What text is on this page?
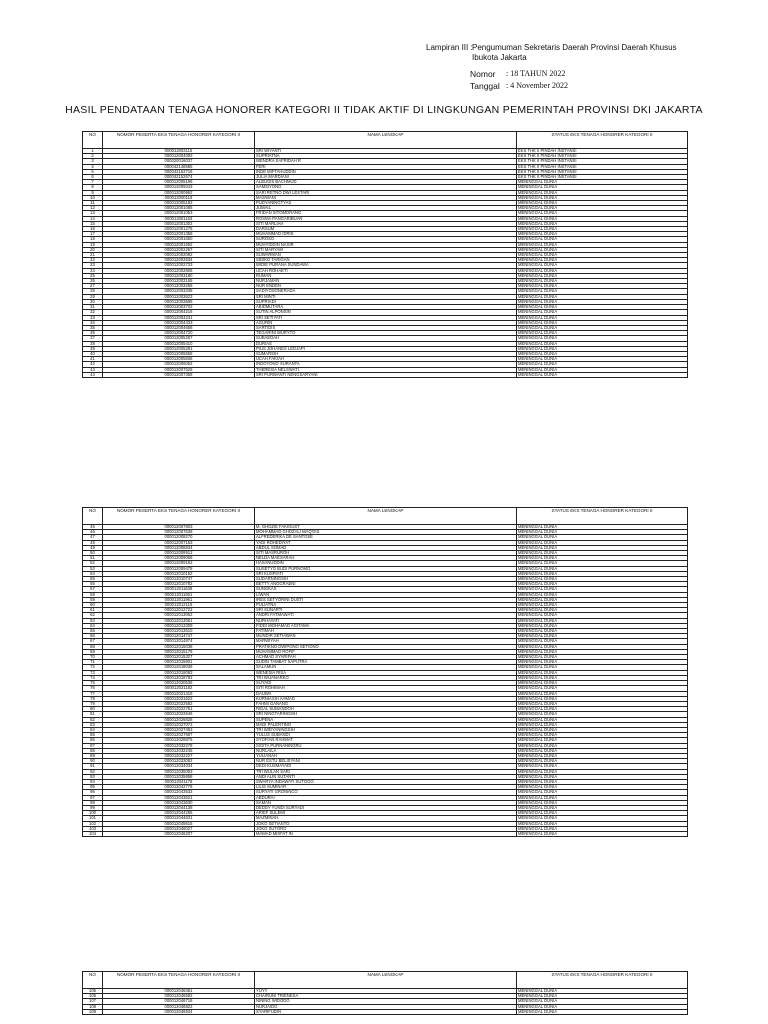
Lampiran III : Pengumuman Sekretaris Daerah Provinsi Daerah Khusus Ibukota Jakarta
Nomor : 18 TAHUN 2022
Tanggal : 4 November 2022
HASIL PENDATAAN TENAGA HONORER KATEGORI II TIDAK AKTIF DI LINGKUNGAN PEMERINTAH PROVINSI DKI JAKARTA
NO	NOMOR PESERTA EKS TENAGA HONORER KATEGORI II	NAMA LENGKAP	STATUS EKS TENAGA HONORER KATEGORI II
1	000012003115	SRI WIYANTI	EKS THK II PINDAH INSTANSI
2	000012004093	SUPRIATNA	EKS THK II PINDAH INSTANSI
3	000020016037	WENDRA SAFRIDAH R	EKS THK II PINDAH INSTANSI
4	000042148585	FERI	EKS THK II PINDAH INSTANSI
5	000042152716	INDE MIFTAHUDDIN	EKS THK II PINDAH INSTANSI
6	000042152674	JULIA MARDIANI	EKS THK II PINDAH INSTANSI
7	000012005196	ALBUGIS BACHMUD	MENINGGAL DUNIA
8	000012005043	SAMSIYONO	MENINGGAL DUNIA
9	000012000962	SARI RETNO DWI LESTARI	MENINGGAL DUNIA
10	000012000116	MASWANI	MENINGGAL DUNIA
11	000012005182	PUDYANINGTYAS	MENINGGAL DUNIA
12	000012001085	JUMAIL	MENINGGAL DUNIA
13	000012001053	FRIDAN SITOMORANG	MENINGGAL DUNIA
14	000012001153	ROSMA PANGARIBUAN	MENINGGAL DUNIA
15	000012001302	SITI MARLIAH	MENINGGAL DUNIA
16	000012001278	DARSUM	MENINGGAL DUNIA
17	000012001358	MUHAMMAD IDRIS	MENINGGAL DUNIA
18	000012001650	SUROSO	MENINGGAL DUNIA
19	000012001592	MUHYIDDIN NASIR	MENINGGAL DUNIA
20	000012002267	SITI MARYAM	MENINGGAL DUNIA
21	000012002082	SUWARMAN	MENINGGAL DUNIA
22	000012002634	SIDIKO TARIGAN	MENINGGAL DUNIA
23	000012002733	WIDIE PURANA SUNDAWA	MENINGGAL DUNIA
24	000012002806	UCAH ROHAETI	MENINGGAL DUNIA
25	000012003180	RUMAN	MENINGGAL DUNIA
26	000012003165	NURJAMAN	MENINGGAL DUNIA
27	000012003256	NUR ENDEN	MENINGGAL DUNIA
28	000012003338	SADIYOSONERADA	MENINGGAL DUNIA
29	000012003623	SRI MINTI	MENINGGAL DUNIA
30	000012003685	SUPRIADI	MENINGGAL DUNIA
31	000012003702	ABIDMUTARA	MENINGGAL DUNIA
32	000012004216	SUTIN ALPONSIN	MENINGGAL DUNIA
33	000012004241	SRI SETIYATI	MENINGGAL DUNIA
34	000012004433	AGURIN	MENINGGAL DUNIA
35	000012004658	SARTIDIS	MENINGGAL DUNIA
36	000012004720	TEGARINI WURYTO	MENINGGAL DUNIA
37	000012005287	SUBAEDAH	MENINGGAL DUNIA
38	000012005410	DURIAS	MENINGGAL DUNIA
39	000012005291	PIUS JOHANES LEDJAPI	MENINGGAL DUNIA
40	000012005558	SUMARSIH	MENINGGAL DUNIA
41	000012005836	UCAH FAKIAH	MENINGGAL DUNIA
42	000012006052	INDOYONO SURANTA	MENINGGAL DUNIA
43	000012007526	THERESIA NELSWATI	MENINGGAL DUNIA
44	000012007358	SRI PURWANTI NENGSARYANI	MENINGGAL DUNIA
NO	NOMOR PESERTA EKS TENAGA HONORER KATEGORI II	NAMA LENGKAP	STATUS EKS TENAGA HONORER KATEGORI II
45	000012007803	M. GHOZIE FAKIGUST	MENINGGAL DUNIA
46	000012007536	MOHAMMAD GHOZALI MAQ'DIS	MENINGGAL DUNIA
47	000012008270	ALFREDERIKA DE SANTOSE	MENINGGAL DUNIA
48	000012007163	YADI ROHEDIYAT	MENINGGAL DUNIA
49	000012008834	ABDUL SOMAD	MENINGGAL DUNIA
50	000012008912	SITI MASRUROH	MENINGGAL DUNIA
51	000012009056	NELDA MAESARAH	MENINGGAL DUNIA
52	000012009162	HASANUDDIN	MENINGGAL DUNIA
53	000012009478	SUSETYO BUDI PURNOMO	MENINGGAL DUNIA
54	000012010152	SRI KUSPIATI	MENINGGAL DUNIA
55	000012010747	SUDARNINGSIH	MENINGGAL DUNIA
56	000012010782	BETTY ANGGRAENI	MENINGGAL DUNIA
57	000012011638	SUNGKAS	MENINGGAL DUNIA
58	000012011651	LIWAN	MENINGGAL DUNIA
59	000012011961	IRES SETYORINI DUSTI	MENINGGAL DUNIA
60	000012012116	PULIATNA	MENINGGAL DUNIA
61	000012012722	SRI SUNARTI	MENINGGAL DUNIA
62	000012013052	ANDRI FATMAWATI	MENINGGAL DUNIA
63	000012013061	NURHAYATI	MENINGGAL DUNIA
64	000012013309	FIDDI MOHAMAD AGITAMA	MENINGGAL DUNIA
65	000012013610	FATIMAH	MENINGGAL DUNIA
66	000012014747	MUNDIR SETIAWAN	MENINGGAL DUNIA
67	000012014874	MARWIYAH	MENINGGAL DUNIA
68	000012015038	PRATIKNO DWIPONO SETIONO	MENINGGAL DUNIA
69	000012015176	MUHAMMAD ROFIF	MENINGGAL DUNIA
70	000012015327	ACHMAD SYARIFAH	MENINGGAL DUNIA
71	000012015601	SUDIN TAMBAT SAPUTRA	MENINGGAL DUNIA
72	000012018036	SALAMUN	MENINGGAL DUNIA
73	000012018083	WENESIA RISA	MENINGGAL DUNIA
74	000012018782	TRI WIJANARKO	MENINGGAL DUNIA
75	000012020536	SUYADI	MENINGGAL DUNIA
76	000012021182	SITI ROHIMAH	MENINGGAL DUNIA
77	000012021416	DAUWA	MENINGGAL DUNIA
78	000012021623	KURNIASIH AHMAD	MENINGGAL DUNIA
79	000012022582	FAHMI GANANG	MENINGGAL DUNIA
80	000012022761	RIDAL SUMANDOH	MENINGGAL DUNIA
81	000012022646	SRI NINGTARINGSIH	MENINGGAL DUNIA
82	000012026828	SUPENA	MENINGGAL DUNIA
83	000012027072	MADI PALENTINO	MENINGGAL DUNIA
84	000012027453	TRI WIDYANINGSIH	MENINGGAL DUNIA
85	000012027687	YULUS SUBANDI	MENINGGAL DUNIA
86	000012028875	SYOFIAN RAHMAT	MENINGGAL DUNIA
87	000012032278	SIGITA PURNANINGRU	MENINGGAL DUNIA
88	000012032245	NURLAILA	MENINGGAL DUNIA
89	000012032227	YULIANAH	MENINGGAL DUNIA
90	000012033082	NUR ESTU BELISYANI	MENINGGAL DUNIA
91	000012034034	DEDI KUSMAYADI	MENINGGAL DUNIA
92	000012035093	TRI WULAN SARI	MENINGGAL DUNIA
93	000012035658	ANDI ALIN SUTANTI	MENINGGAL DUNIA
94	000012041178	SWARYA INDAWATI SUTOGO	MENINGGAL DUNIA
95	000012042776	LILIS SUMINAR	MENINGGAL DUNIA
96	000012043532	SURYATI GRONINCO	MENINGGAL DUNIA
97	000012043621	ABDURAI	MENINGGAL DUNIA
98	000012043630	SAMAN	MENINGGAL DUNIA
99	000012044138	DEDDY YUNDI SURYADI	MENINGGAL DUNIA
100	000012044265	ARIEF SULEMI	MENINGGAL DUNIA
101	000012044631	MAZMINAH	MENINGGAL DUNIA
102	000012045616	JOKO SETIANTO	MENINGGAL DUNIA
103	000012046027	JOKO SUTORO	MENINGGAL DUNIA
104	000012046207	MAMAD MISFAT IN	MENINGGAL DUNIA
NO	NOMOR PESERTA EKS TENAGA HONORER KATEGORI II	NAMA LENGKAP	STATUS EKS TENAGA HONORER KATEGORI II
105	000012046461	YUYY	MENINGGAL DUNIA
106	000012046592	CHAIRUNI TRIENESA	MENINGGAL DUNIA
107	000012046716	NINING WIDODO	MENINGGAL DUNIA
108	000012046822	NURJAIDO	MENINGGAL DUNIA
109	000012046934	SYARIFUDIN	MENINGGAL DUNIA
